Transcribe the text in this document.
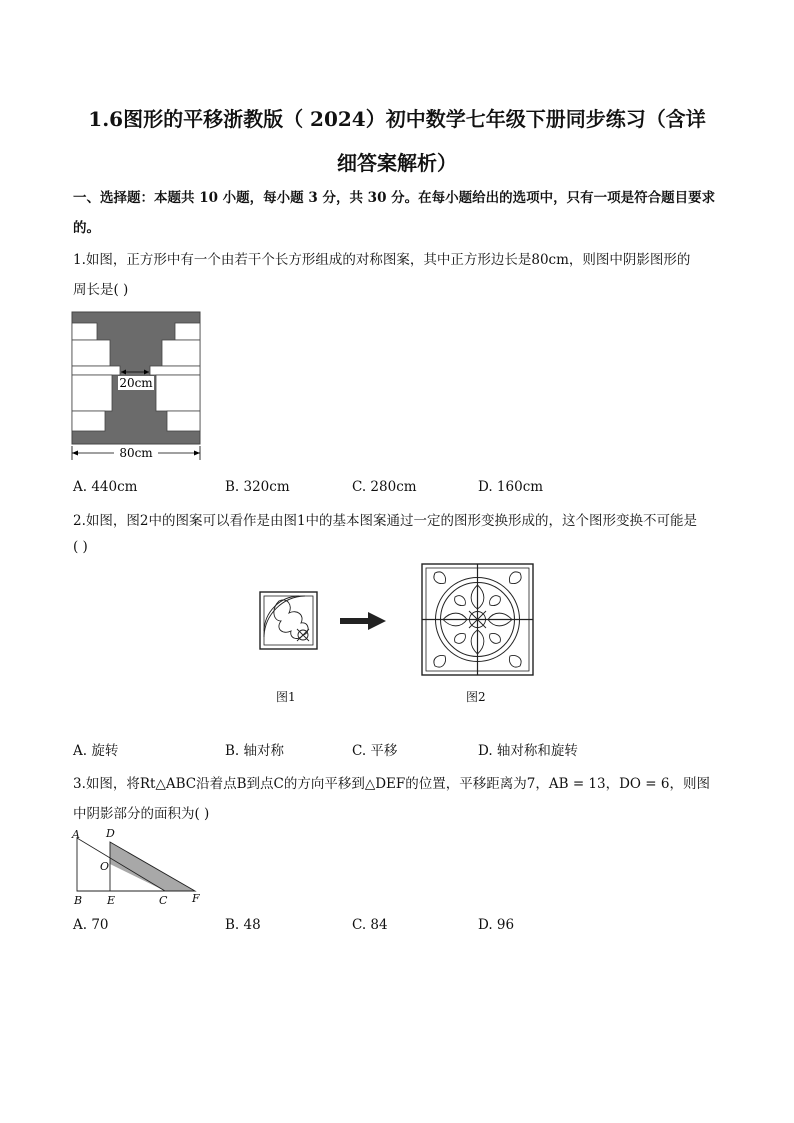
1.6图形的平移浙教版（ 2024）初中数学七年级下册同步练习（含详
细答案解析）
一、选择题：本题共 10 小题，每小题 3 分，共 30 分。在每小题给出的选项中，只有一项是符合题目要求
的。
1.如图，正方形中有一个由若干个长方形组成的对称图案，其中正方形边长是80cm，则图中阴影图形的
周长是( )
20cm
80cm
A. 440cm	B. 320cm	C. 280cm	D. 160cm
2.如图，图2中的图案可以看作是由图1中的基本图案通过一定的图形变换形成的，这个图形变换不可能是
( )
图1	图2
A. 旋转	B. 轴对称	C. 平移	D. 轴对称和旋转
3.如图，将Rt△ABC沿着点B到点C的方向平移到△DEF的位置，平移距离为7，AB = 13，DO = 6，则图
中阴影部分的面积为( )
A D
O
B E	C F
A. 70	B. 48	C. 84	D. 96
